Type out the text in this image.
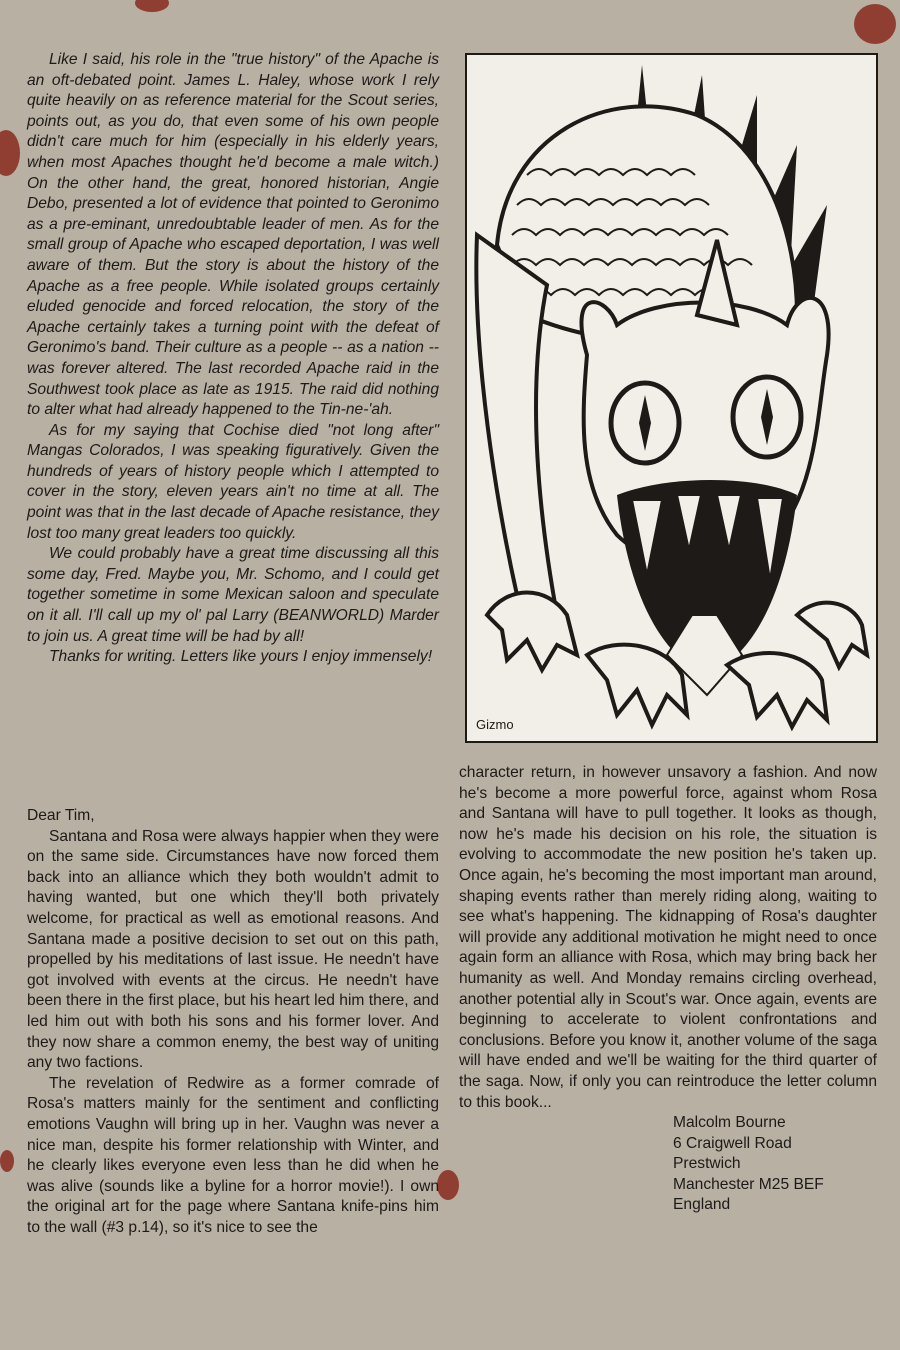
Like I said, his role in the "true history" of the Apache is an oft-debated point. James L. Haley, whose work I rely quite heavily on as reference material for the Scout series, points out, as you do, that even some of his own people didn't care much for him (especially in his elderly years, when most Apaches thought he'd become a male witch.) On the other hand, the great, honored historian, Angie Debo, presented a lot of evidence that pointed to Geronimo as a pre-eminant, unredoubtable leader of men. As for the small group of Apache who escaped deportation, I was well aware of them. But the story is about the history of the Apache as a free people. While isolated groups certainly eluded genocide and forced relocation, the story of the Apache certainly takes a turning point with the defeat of Geronimo's band. Their culture as a people -- as a nation -- was forever altered. The last recorded Apache raid in the Southwest took place as late as 1915. The raid did nothing to alter what had already happened to the Tin-ne-'ah.

As for my saying that Cochise died "not long after" Mangas Colorados, I was speaking figuratively. Given the hundreds of years of history people which I attempted to cover in the story, eleven years ain't no time at all. The point was that in the last decade of Apache resistance, they lost too many great leaders too quickly.

We could probably have a great time discussing all this some day, Fred. Maybe you, Mr. Schomo, and I could get together sometime in some Mexican saloon and speculate on it all. I'll call up my ol' pal Larry (BEANWORLD) Marder to join us. A great time will be had by all!

Thanks for writing. Letters like yours I enjoy immensely!

Dear Tim,

Santana and Rosa were always happier when they were on the same side. Circumstances have now forced them back into an alliance which they both wouldn't admit to having wanted, but one which they'll both privately welcome, for practical as well as emotional reasons. And Santana made a positive decision to set out on this path, propelled by his meditations of last issue. He needn't have got involved with events at the circus. He needn't have been there in the first place, but his heart led him there, and led him out with both his sons and his former lover. And they now share a common enemy, the best way of uniting any two factions.

The revelation of Redwire as a former comrade of Rosa's matters mainly for the sentiment and conflicting emotions Vaughn will bring up in her. Vaughn was never a nice man, despite his former relationship with Winter, and he clearly likes everyone even less than he did when he was alive (sounds like a byline for a horror movie!). I own the original art for the page where Santana knife-pins him to the wall (#3 p.14), so it's nice to see the

Gizmo

character return, in however unsavory a fashion. And now he's become a more powerful force, against whom Rosa and Santana will have to pull together. It looks as though, now he's made his decision on his role, the situation is evolving to accommodate the new position he's taken up. Once again, he's becoming the most important man around, shaping events rather than merely riding along, waiting to see what's happening. The kidnapping of Rosa's daughter will provide any additional motivation he might need to once again form an alliance with Rosa, which may bring back her humanity as well. And Monday remains circling overhead, another potential ally in Scout's war. Once again, events are beginning to accelerate to violent confrontations and conclusions. Before you know it, another volume of the saga will have ended and we'll be waiting for the third quarter of the saga. Now, if only you can reintroduce the letter column to this book...

Malcolm Bourne

6 Craigwell Road

Prestwich

Manchester M25 BEF

England
